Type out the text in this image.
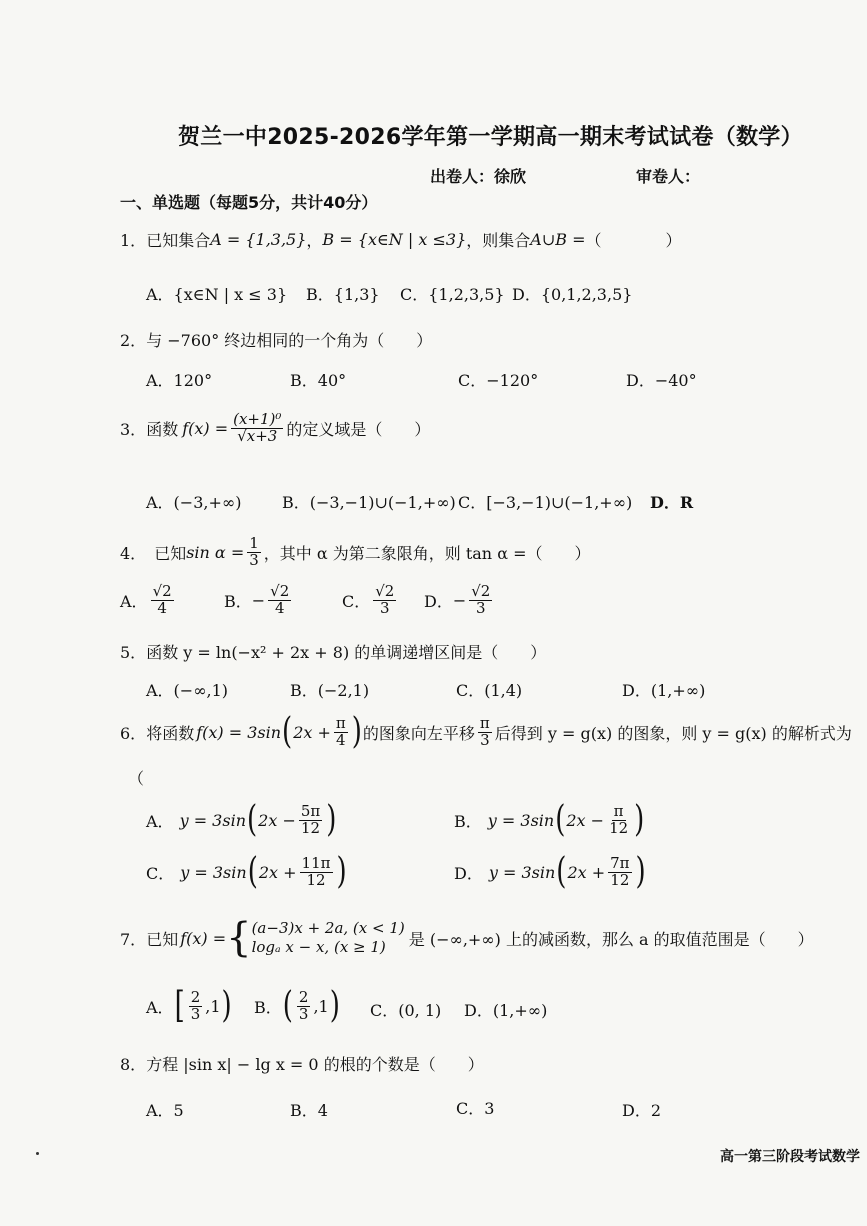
贺兰一中2025-2026学年第一学期高一期末考试试卷（数学）
出卷人：徐欣	审卷人：
一、单选题（每题5分，共计40分）
1． 已知集合 A = {1,3,5} ， B = {x∈N | x ≤3} ，则集合 A∪B = （　　　　）
A．{x∈N | x ≤ 3} B．{1,3} C．{1,2,3,5} D．{0,1,2,3,5}
2． 与 −760° 终边相同的一个角为（　　）
A．120°	B．40°	C．−120°	D．−40°
3． 函数 $f(x) = \frac{\text{(x+1)⁰}}{√x+3}$ 的定义域是（　　）
A．(−3,+∞)	B．(−3,−1)∪(−1,+∞) C．[−3,−1)∪(−1,+∞) D．R
4． 已知 $\sin \alpha = \frac{1}{3}$ ，其中 α 为第二象限角，则 tan α =（　　）
A． $\frac{√2}{4}$	B． − $\frac{√2}{4}$	C． $\frac{√2}{3}$ D． − $\frac{√2}{3}$
5． 函数 y = ln(−x² + 2x + 8) 的单调递增区间是（　　）
A．(−∞,1)	B．(−2,1)	C．(1,4)	D．(1,+∞)
6． 将函数 f(x) = 3sin ( $2x + \frac{\pi}{4}$ ) 的图象向左平移 $\frac{\pi}{3}$ 后得到 y = g(x) 的图象，则 y = g(x) 的解析式为
（
A． y = 3sin ( $2x - \frac{5\pi}{12}$ )	B． y = 3sin ( $2x - \frac{\pi}{12}$ )
C． y = 3sin ( $2x + \frac{11\pi}{12}$ )	D． y = 3sin ( $2x + \frac{7\pi}{12}$ )
7． 已知 f(x) = { (a−3)x + 2a, (x < 1)
logₐ x − x, (x ≥ 1)	是 (−∞,+∞) 上的减函数，那么 a 的取值范围是（　　）
A． [ $\frac{2}{3} ,1$ ) B． ( $\frac{2}{3} ,1$ ) C．(0, 1) D．(1,+∞)
8． 方程 |sin x| − lg x = 0 的根的个数是（　　）
A．5	B．4	C．3	D．2
高一第三阶段考试数学
